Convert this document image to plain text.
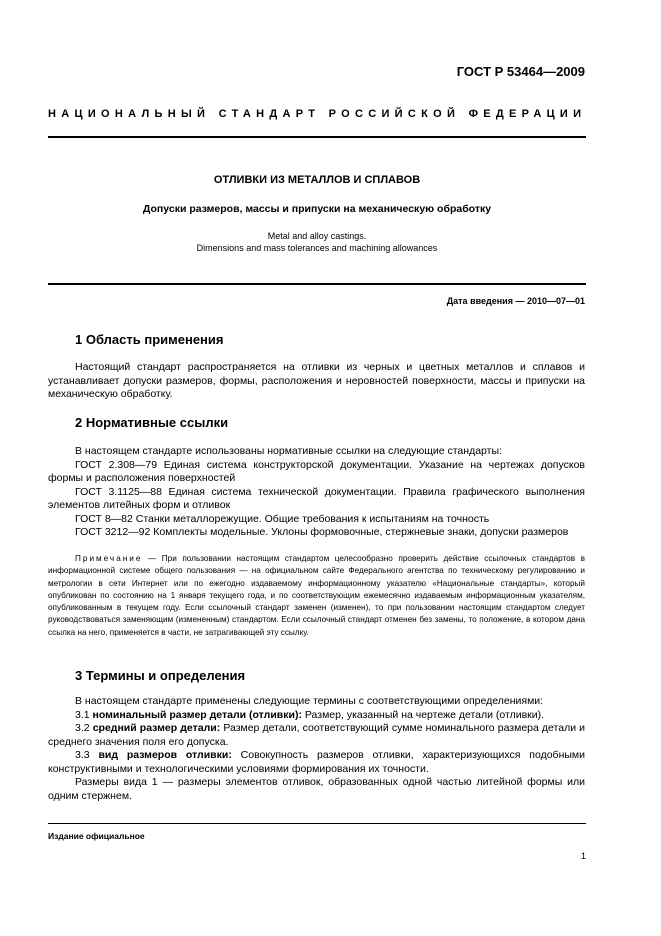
ГОСТ Р 53464—2009
НАЦИОНАЛЬНЫЙ СТАНДАРТ РОССИЙСКОЙ ФЕДЕРАЦИИ
ОТЛИВКИ ИЗ МЕТАЛЛОВ И СПЛАВОВ
Допуски размеров, массы и припуски на механическую обработку
Metal and alloy castings.
Dimensions and mass tolerances and machining allowances
Дата введения — 2010—07—01
1 Область применения
Настоящий стандарт распространяется на отливки из черных и цветных металлов и сплавов и устанавливает допуски размеров, формы, расположения и неровностей поверхности, массы и припуски на механическую обработку.
2 Нормативные ссылки
В настоящем стандарте использованы нормативные ссылки на следующие стандарты:
ГОСТ 2.308—79 Единая система конструкторской документации. Указание на чертежах допусков формы и расположения поверхностей
ГОСТ 3.1125—88 Единая система технической документации. Правила графического выполнения элементов литейных форм и отливок
ГОСТ 8—82 Станки металлорежущие. Общие требования к испытаниям на точность
ГОСТ 3212—92 Комплекты модельные. Уклоны формовочные, стержневые знаки, допуски размеров
Примечание — При пользовании настоящим стандартом целесообразно проверить действие ссылочных стандартов в информационной системе общего пользования — на официальном сайте Федерального агентства по техническому регулированию и метрологии в сети Интернет или по ежегодно издаваемому информационному указателю «Национальные стандарты», который опубликован по состоянию на 1 января текущего года, и по соответствующим ежемесячно издаваемым информационным указателям, опубликованным в текущем году. Если ссылочный стандарт заменен (изменен), то при пользовании настоящим стандартом следует руководствоваться заменяющим (измененным) стандартом. Если ссылочный стандарт отменен без замены, то положение, в котором дана ссылка на него, применяется в части, не затрагивающей эту ссылку.
3 Термины и определения
В настоящем стандарте применены следующие термины с соответствующими определениями:
3.1 номинальный размер детали (отливки): Размер, указанный на чертеже детали (отливки).
3.2 средний размер детали: Размер детали, соответствующий сумме номинального размера детали и среднего значения поля его допуска.
3.3 вид размеров отливки: Совокупность размеров отливки, характеризующихся подобными конструктивными и технологическими условиями формирования их точности.
Размеры вида 1 — размеры элементов отливок, образованных одной частью литейной формы или одним стержнем.
Издание официальное
1
